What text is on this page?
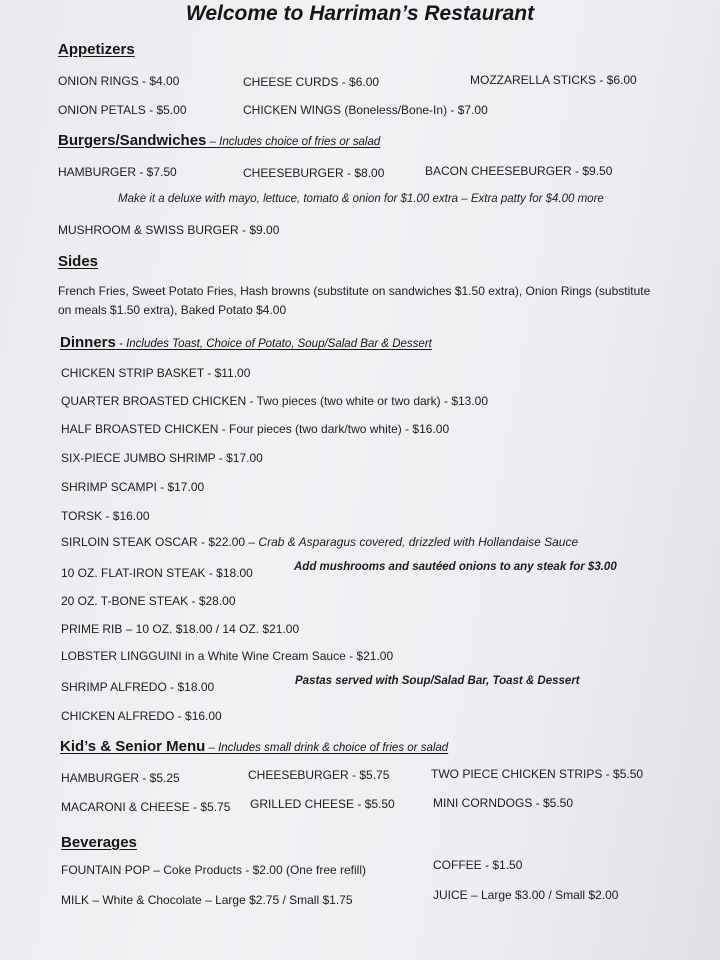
Welcome to Harriman’s Restaurant
Appetizers
ONION RINGS - $4.00	CHEESE CURDS - $6.00	MOZZARELLA STICKS - $6.00
ONION PETALS - $5.00	CHICKEN WINGS (Boneless/Bone-In) - $7.00
Burgers/Sandwiches – Includes choice of fries or salad
HAMBURGER - $7.50	CHEESEBURGER - $8.00	BACON CHEESEBURGER - $9.50
Make it a deluxe with mayo, lettuce, tomato & onion for $1.00 extra – Extra patty for $4.00 more
MUSHROOM & SWISS BURGER - $9.00
Sides
French Fries, Sweet Potato Fries, Hash browns (substitute on sandwiches $1.50 extra), Onion Rings (substitute on meals $1.50 extra), Baked Potato $4.00
Dinners - Includes Toast, Choice of Potato, Soup/Salad Bar & Dessert
CHICKEN STRIP BASKET - $11.00
QUARTER BROASTED CHICKEN - Two pieces (two white or two dark) - $13.00
HALF BROASTED CHICKEN - Four pieces (two dark/two white) - $16.00
SIX-PIECE JUMBO SHRIMP - $17.00
SHRIMP SCAMPI - $17.00
TORSK - $16.00
SIRLOIN STEAK OSCAR - $22.00 – Crab & Asparagus covered, drizzled with Hollandaise Sauce
10 OZ. FLAT-IRON STEAK - $18.00	Add mushrooms and sautéed onions to any steak for $3.00
20 OZ. T-BONE STEAK - $28.00
PRIME RIB – 10 OZ. $18.00 / 14 OZ. $21.00
LOBSTER LINGGUINI in a White Wine Cream Sauce - $21.00
SHRIMP ALFREDO - $18.00	Pastas served with Soup/Salad Bar, Toast & Dessert
CHICKEN ALFREDO - $16.00
Kid’s & Senior Menu – Includes small drink & choice of fries or salad
HAMBURGER - $5.25	CHEESEBURGER - $5.75	TWO PIECE CHICKEN STRIPS - $5.50
MACARONI & CHEESE - $5.75 GRILLED CHEESE - $5.50	MINI CORNDOGS - $5.50
Beverages
FOUNTAIN POP – Coke Products - $2.00 (One free refill)	COFFEE - $1.50
MILK – White & Chocolate – Large $2.75 / Small $1.75	JUICE – Large $3.00 / Small $2.00
